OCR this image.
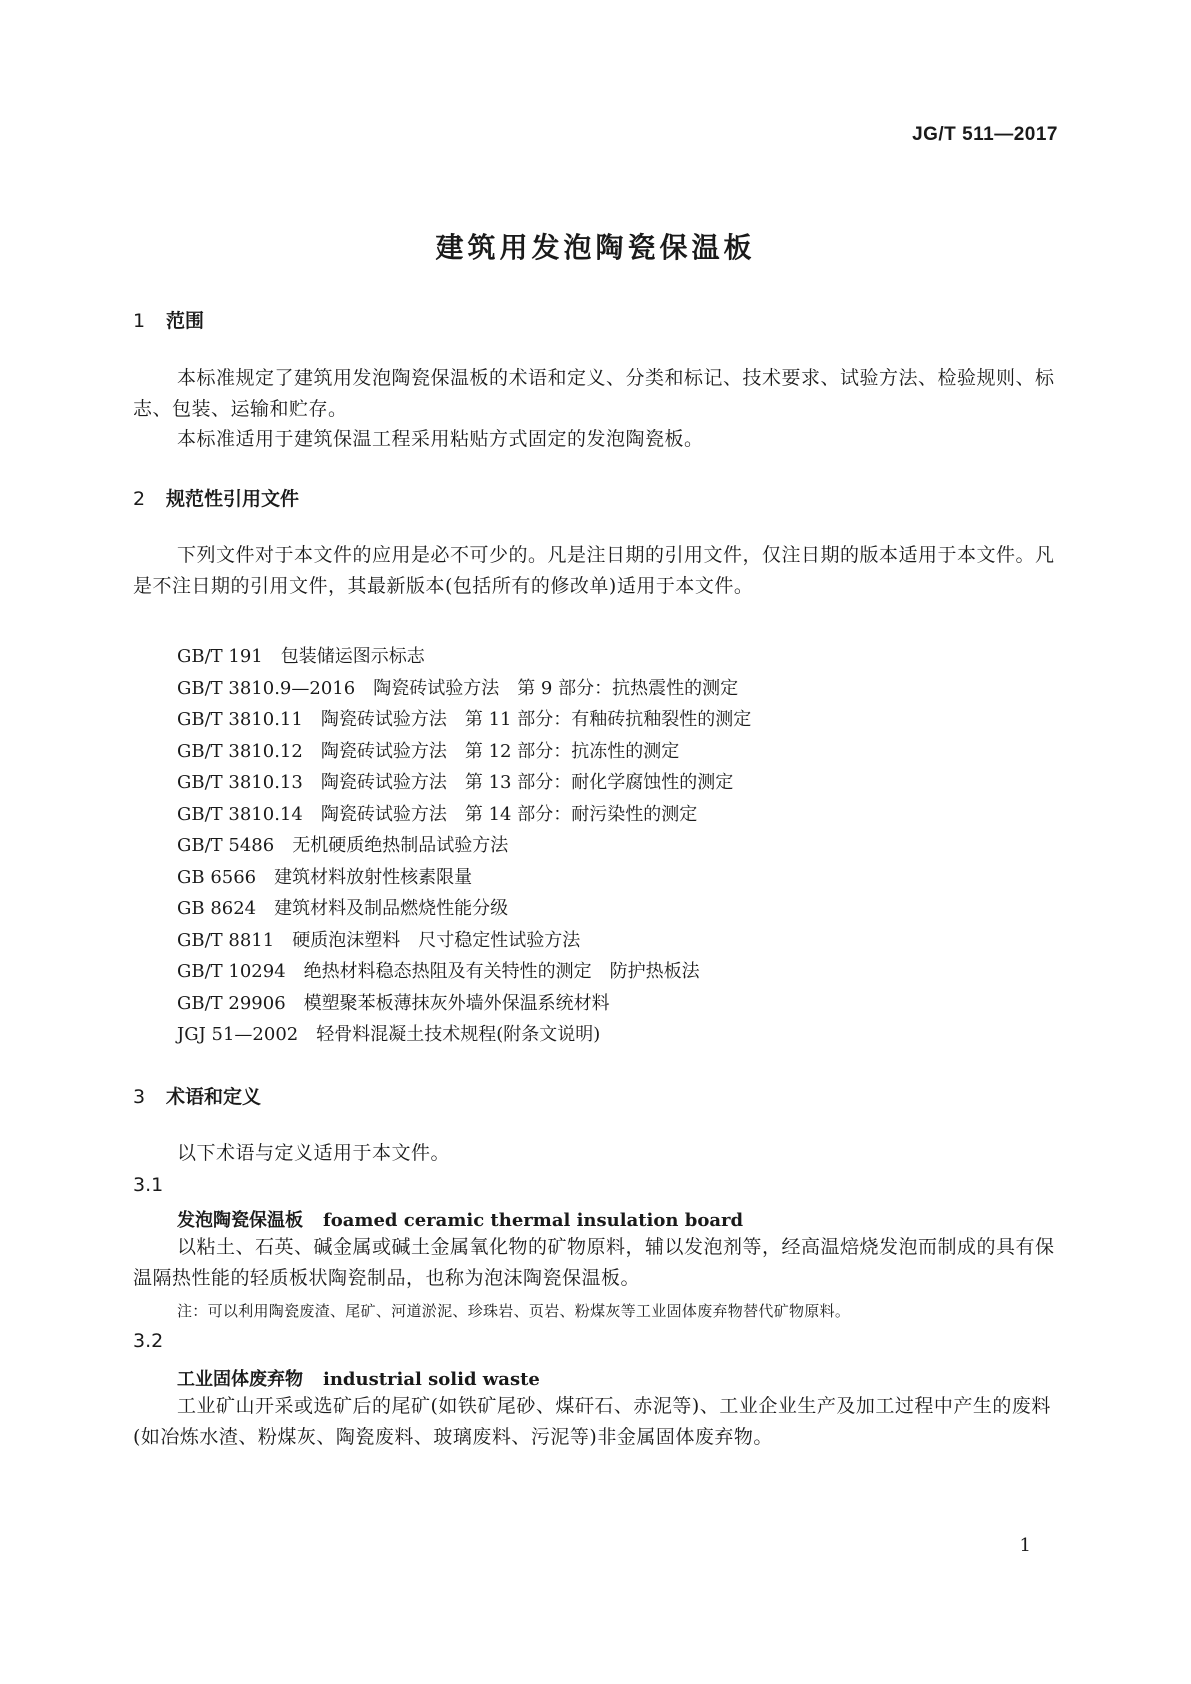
JG/T 511—2017
建筑用发泡陶瓷保温板
1 范围

本标准规定了建筑用发泡陶瓷保温板的术语和定义、分类和标记、技术要求、试验方法、检验规则、标志、包装、运输和贮存。

本标准适用于建筑保温工程采用粘贴方式固定的发泡陶瓷板。

2 规范性引用文件

下列文件对于本文件的应用是必不可少的。凡是注日期的引用文件，仅注日期的版本适用于本文件。凡是不注日期的引用文件，其最新版本(包括所有的修改单)适用于本文件。

GB/T 191 包装储运图示标志
GB/T 3810.9—2016 陶瓷砖试验方法　第 9 部分：抗热震性的测定
GB/T 3810.11 陶瓷砖试验方法　第 11 部分：有釉砖抗釉裂性的测定
GB/T 3810.12 陶瓷砖试验方法　第 12 部分：抗冻性的测定
GB/T 3810.13 陶瓷砖试验方法　第 13 部分：耐化学腐蚀性的测定
GB/T 3810.14 陶瓷砖试验方法　第 14 部分：耐污染性的测定
GB/T 5486 无机硬质绝热制品试验方法
GB 6566 建筑材料放射性核素限量
GB 8624 建筑材料及制品燃烧性能分级
GB/T 8811 硬质泡沫塑料　尺寸稳定性试验方法
GB/T 10294 绝热材料稳态热阻及有关特性的测定　防护热板法
GB/T 29906 模塑聚苯板薄抹灰外墙外保温系统材料
JGJ 51—2002 轻骨料混凝土技术规程(附条文说明)
3 术语和定义

以下术语与定义适用于本文件。

3.1
发泡陶瓷保温板 foamed ceramic thermal insulation board

以粘土、石英、碱金属或碱土金属氧化物的矿物原料，辅以发泡剂等，经高温焙烧发泡而制成的具有保温隔热性能的轻质板状陶瓷制品，也称为泡沫陶瓷保温板。

注：可以利用陶瓷废渣、尾矿、河道淤泥、珍珠岩、页岩、粉煤灰等工业固体废弃物替代矿物原料。
3.2
工业固体废弃物 industrial solid waste

工业矿山开采或选矿后的尾矿(如铁矿尾砂、煤矸石、赤泥等)、工业企业生产及加工过程中产生的废料(如冶炼水渣、粉煤灰、陶瓷废料、玻璃废料、污泥等)非金属固体废弃物。

1
